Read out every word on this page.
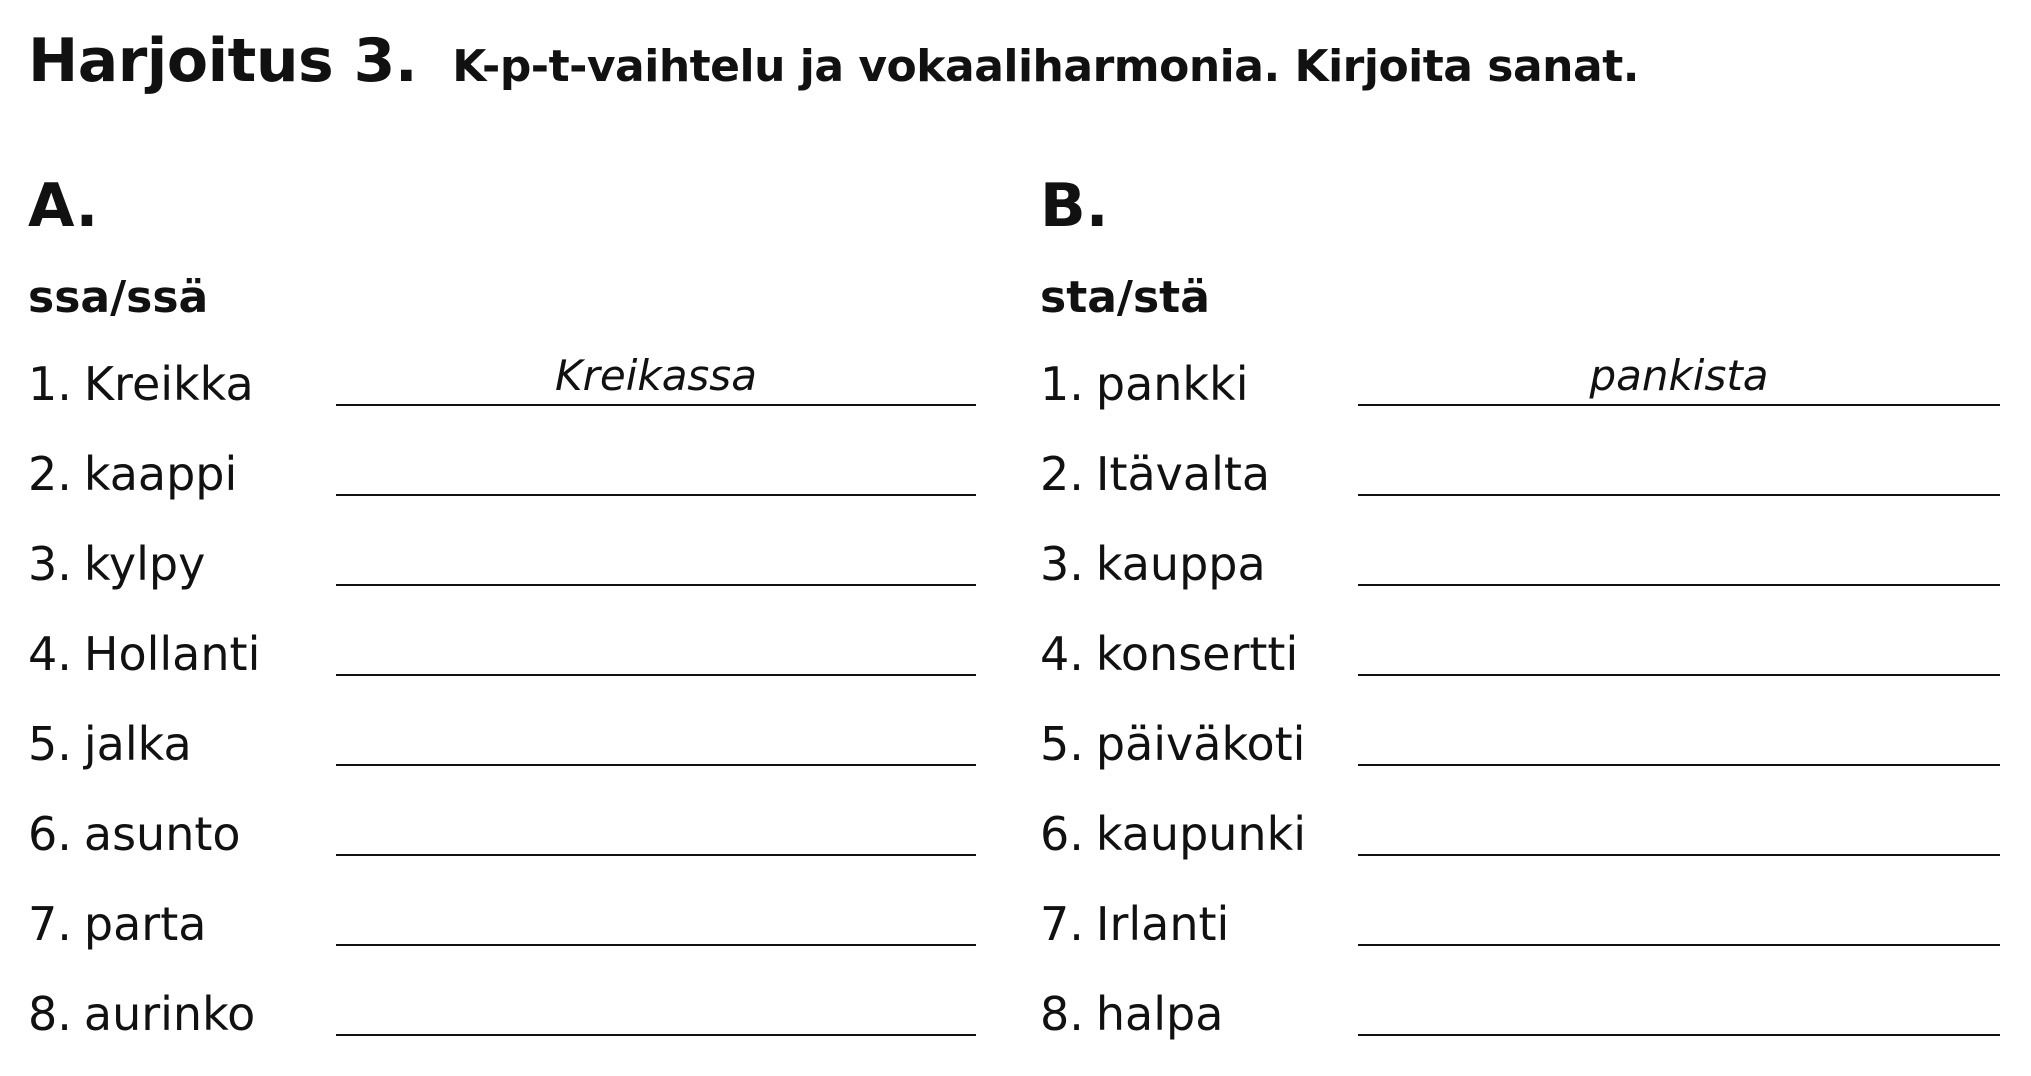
Harjoitus 3. K-p-t-vaihtelu ja vokaaliharmonia. Kirjoita sanat.
A.
ssa/ssä
1. Kreikka	Kreikassa
2. kaappi
3. kylpy
4. Hollanti
5. jalka
6. asunto
7. parta
8. aurinko
B.
sta/stä
1. pankki	pankista
2. Itävalta
3. kauppa
4. konsertti
5. päiväkoti
6. kaupunki
7. Irlanti
8. halpa
